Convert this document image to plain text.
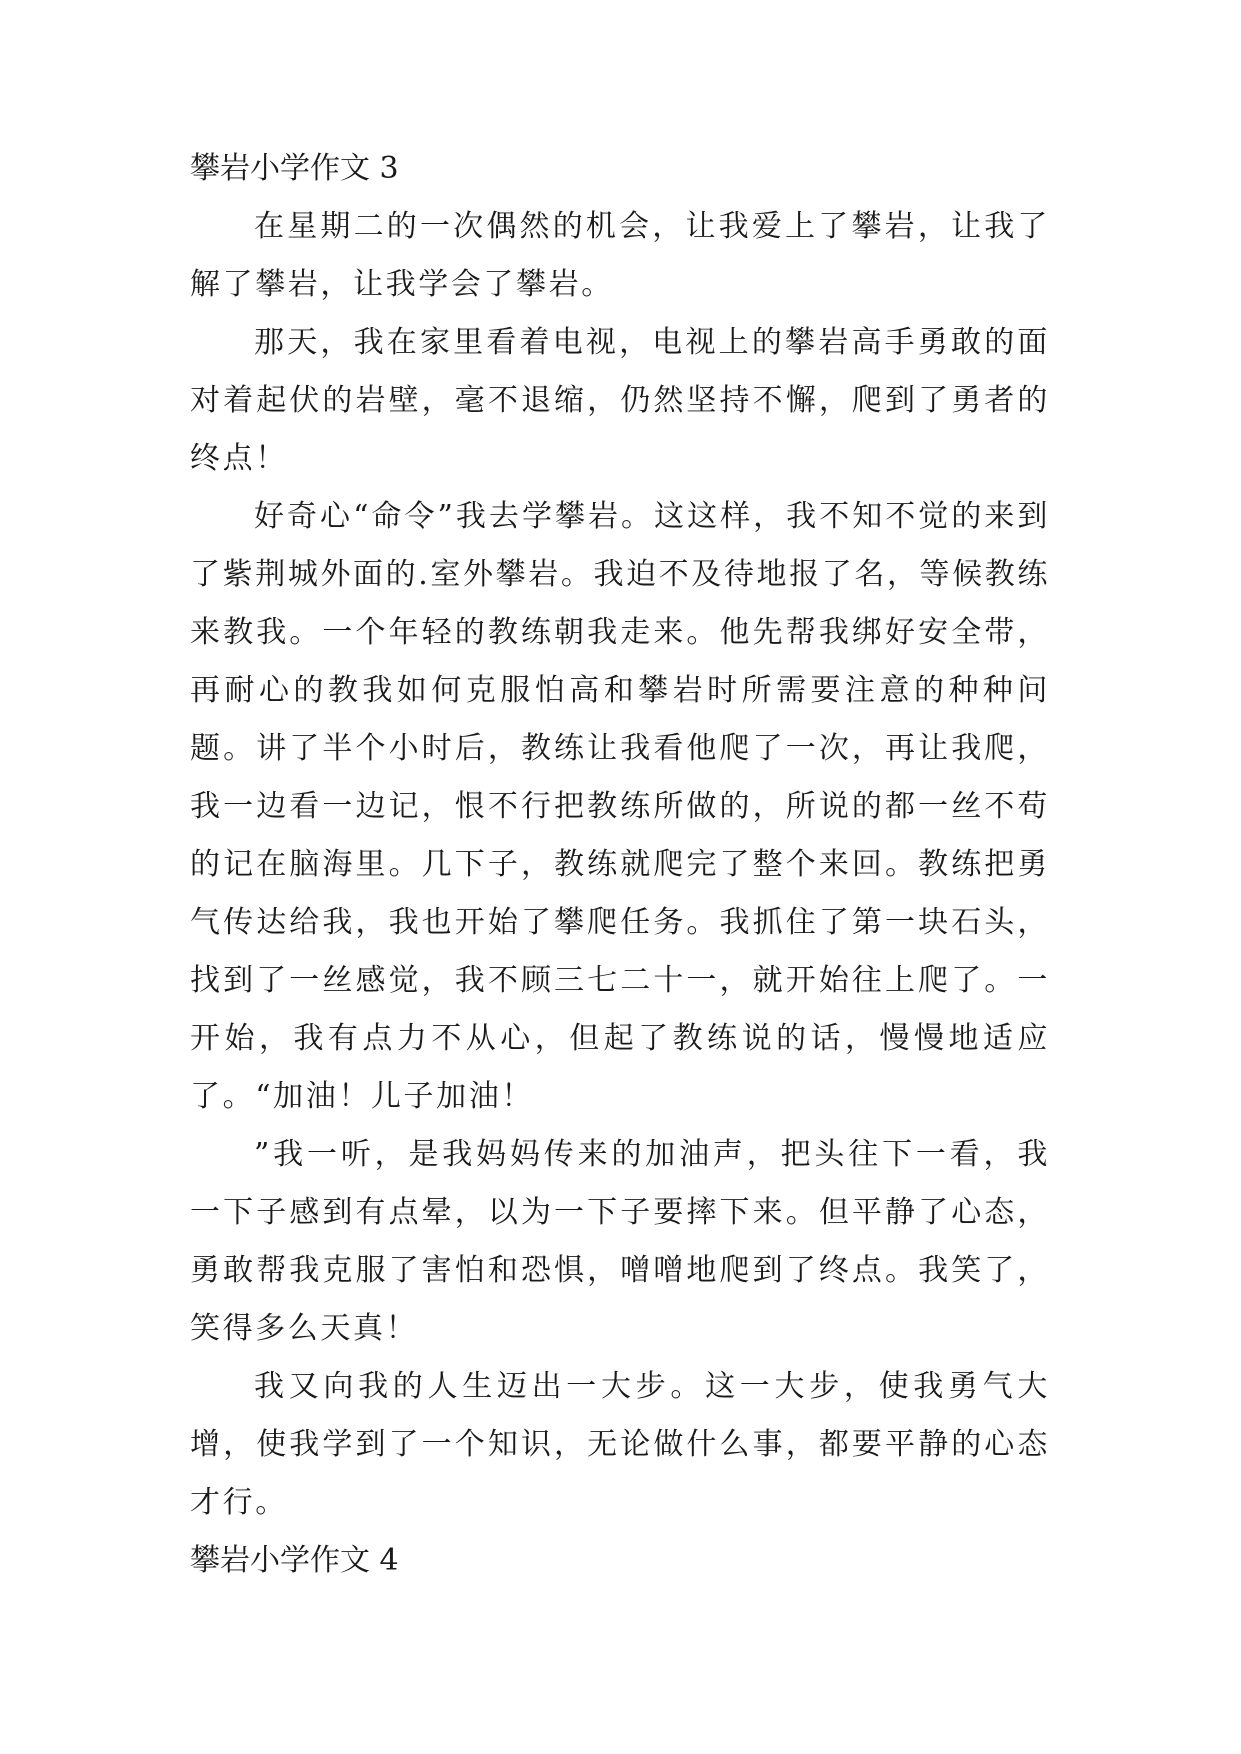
攀岩小学作文 3

在星期二的一次偶然的机会，让我爱上了攀岩，让我了解了攀岩，让我学会了攀岩。

那天，我在家里看着电视，电视上的攀岩高手勇敢的面对着起伏的岩壁，毫不退缩，仍然坚持不懈，爬到了勇者的终点！

好奇心“命令”我去学攀岩。这这样，我不知不觉的来到了紫荆城外面的.室外攀岩。我迫不及待地报了名，等候教练来教我。一个年轻的教练朝我走来。他先帮我绑好安全带，再耐心的教我如何克服怕高和攀岩时所需要注意的种种问题。讲了半个小时后，教练让我看他爬了一次，再让我爬，我一边看一边记，恨不行把教练所做的，所说的都一丝不苟的记在脑海里。几下子，教练就爬完了整个来回。教练把勇气传达给我，我也开始了攀爬任务。我抓住了第一块石头，找到了一丝感觉，我不顾三七二十一，就开始往上爬了。一开始，我有点力不从心，但起了教练说的话，慢慢地适应了。“加油！儿子加油！

”我一听，是我妈妈传来的加油声，把头往下一看，我一下子感到有点晕，以为一下子要摔下来。但平静了心态，勇敢帮我克服了害怕和恐惧，噌噌地爬到了终点。我笑了，笑得多么天真！

我又向我的人生迈出一大步。这一大步，使我勇气大增，使我学到了一个知识，无论做什么事，都要平静的心态才行。

攀岩小学作文 4
